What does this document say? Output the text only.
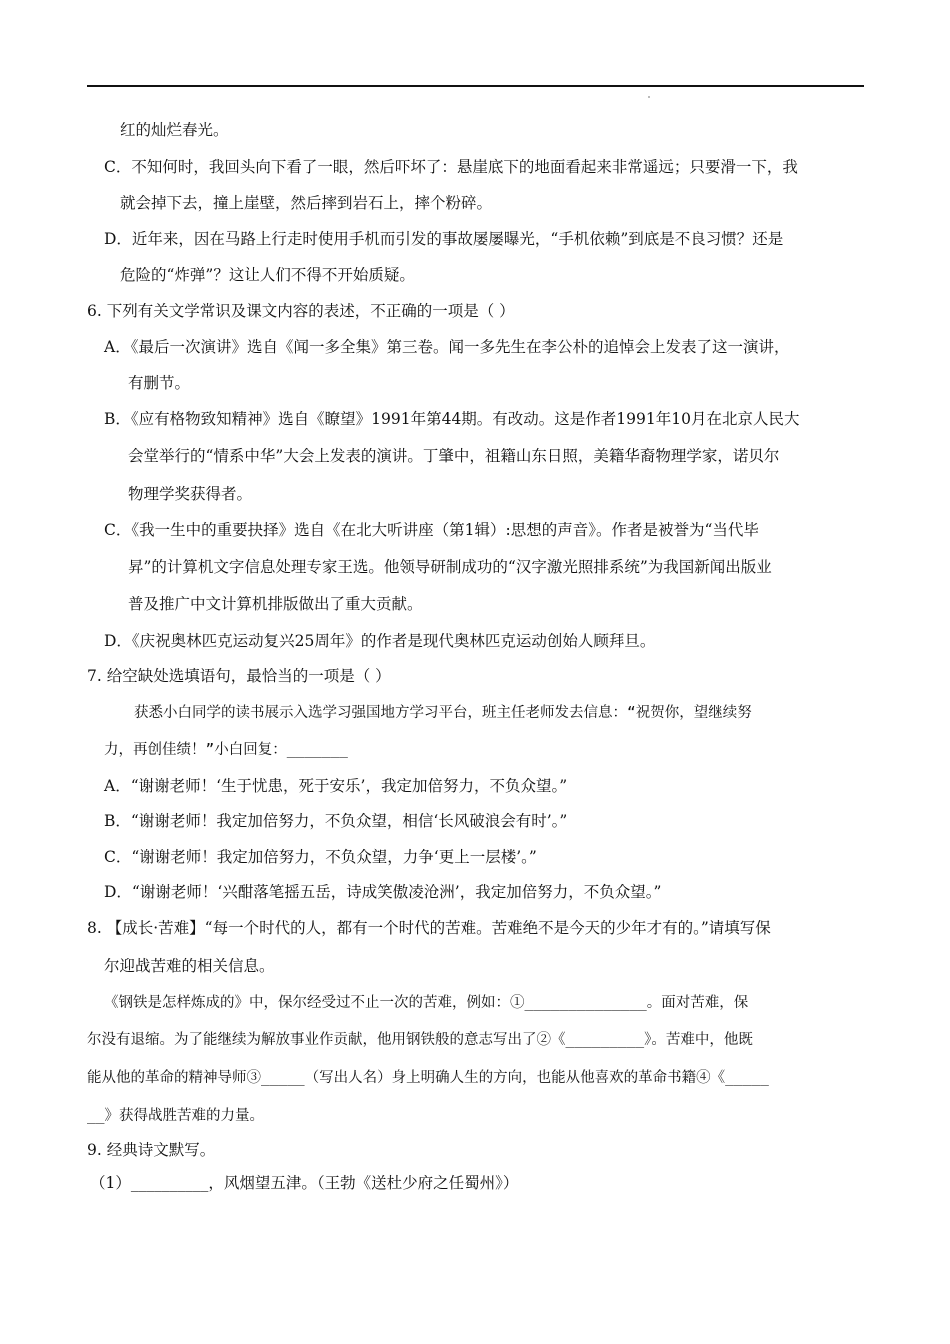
红的灿烂春光。
C．不知何时，我回头向下看了一眼，然后吓坏了：悬崖底下的地面看起来非常遥远；只要滑一下，我
就会掉下去，撞上崖壁，然后摔到岩石上，摔个粉碎。
D．近年来，因在马路上行走时使用手机而引发的事故屡屡曝光，“手机依赖”到底是不良习惯？还是
危险的“炸弹”？这让人们不得不开始质疑。
6. 下列有关文学常识及课文内容的表述，不正确的一项是（ ）
A．《最后一次演讲》选自《闻一多全集》第三卷。闻一多先生在李公朴的追悼会上发表了这一演讲，
有删节。
B．《应有格物致知精神》选自《瞭望》1991年第44期。有改动。这是作者1991年10月在北京人民大
会堂举行的“情系中华”大会上发表的演讲。丁肇中，祖籍山东日照，美籍华裔物理学家，诺贝尔
物理学奖获得者。
C．《我一生中的重要抉择》选自《在北大听讲座（第1辑）:思想的声音》。作者是被誉为“当代毕
昇”的计算机文字信息处理专家王选。他领导研制成功的“汉字激光照排系统”为我国新闻出版业
普及推广中文计算机排版做出了重大贡献。
D．《庆祝奥林匹克运动复兴25周年》的作者是现代奥林匹克运动创始人顾拜旦。
7. 给空缺处选填语句，最恰当的一项是（ ）
获悉小白同学的读书展示入选学习强国地方学习平台，班主任老师发去信息：“祝贺你，望继续努
力，再创佳绩！”小白回复：_______
A．“谢谢老师！‘生于忧患，死于安乐’，我定加倍努力，不负众望。”
B．“谢谢老师！我定加倍努力，不负众望，相信‘长风破浪会有时’。”
C．“谢谢老师！我定加倍努力，不负众望，力争‘更上一层楼’。”
D．“谢谢老师！‘兴酣落笔摇五岳，诗成笑傲凌沧洲’，我定加倍努力，不负众望。”
8. 【成长·苦难】“每一个时代的人，都有一个时代的苦难。苦难绝不是今天的少年才有的。”请填写保
尔迎战苦难的相关信息。
《钢铁是怎样炼成的》中，保尔经受过不止一次的苦难，例如：①______________。面对苦难，保
尔没有退缩。为了能继续为解放事业作贡献，他用钢铁般的意志写出了②《_________》。苦难中，他既
能从他的革命的精神导师③_____（写出人名）身上明确人生的方向，也能从他喜欢的革命书籍④《_____
__》获得战胜苦难的力量。
9. 经典诗文默写。
（1）__________，风烟望五津。（王勃《送杜少府之任蜀州》）
